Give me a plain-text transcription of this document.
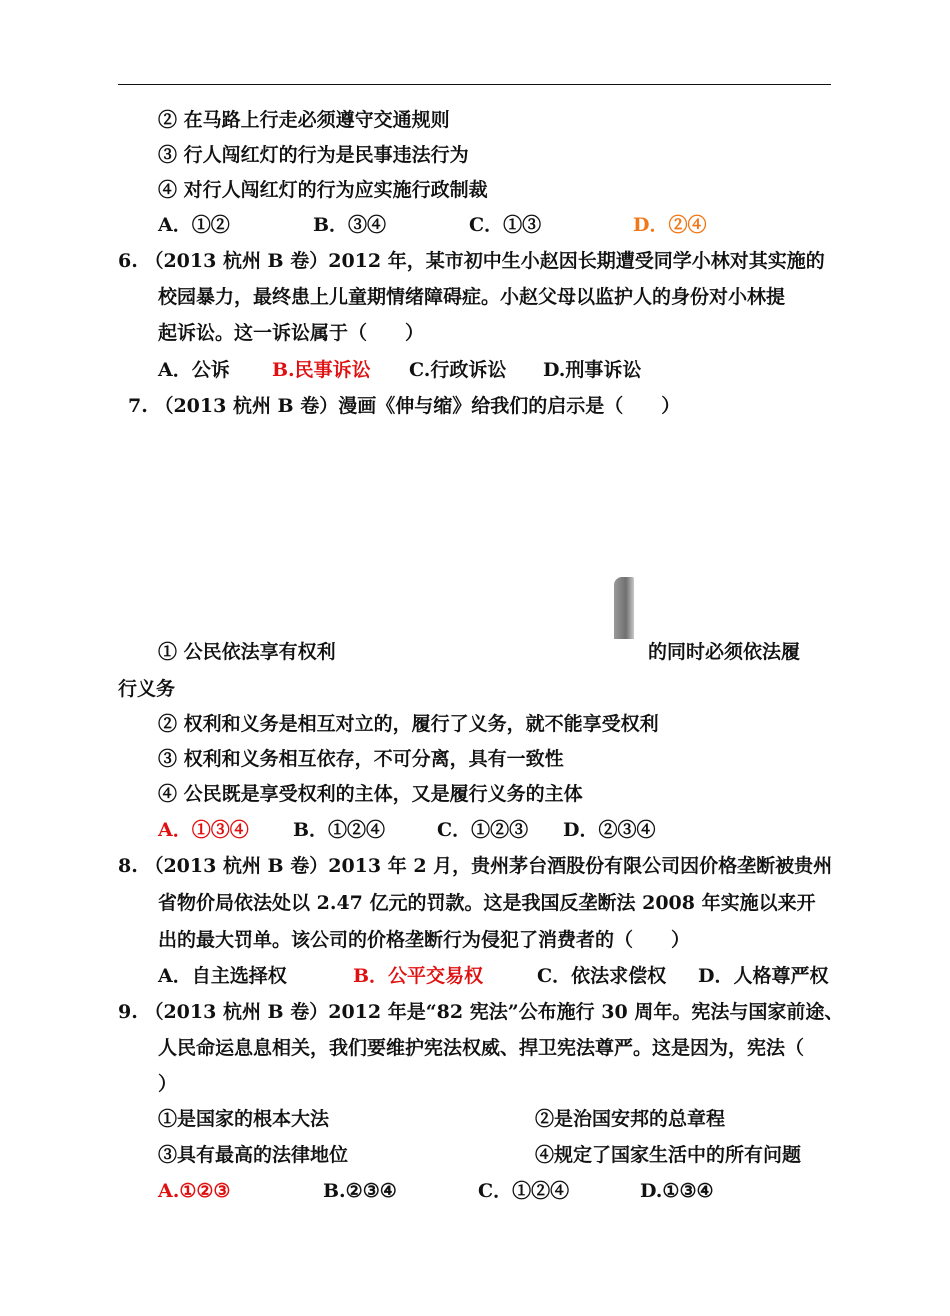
② 在马路上行走必须遵守交通规则
③ 行人闯红灯的行为是民事违法行为
④ 对行人闯红灯的行为应实施行政制裁
A．①②	B．③④	C．①③	D．②④
6. （2013 杭州 B 卷）2012 年，某市初中生小赵因长期遭受同学小林对其实施的
校园暴力，最终患上儿童期情绪障碍症。小赵父母以监护人的身份对小林提
起诉讼。这一诉讼属于（　　）
A．公诉 B.民事诉讼 C.行政诉讼 D.刑事诉讼
7. （2013 杭州 B 卷）漫画《伸与缩》给我们的启示是（　　）
① 公民依法享有权利	的同时必须依法履
行义务
② 权利和义务是相互对立的，履行了义务，就不能享受权利
③ 权利和义务相互依存，不可分离，具有一致性
④ 公民既是享受权利的主体，又是履行义务的主体
A．①③④ B．①②④	C．①②③ D．②③④
8. （2013 杭州 B 卷）2013 年 2 月，贵州茅台酒股份有限公司因价格垄断被贵州
省物价局依法处以 2.47 亿元的罚款。这是我国反垄断法 2008 年实施以来开
出的最大罚单。该公司的价格垄断行为侵犯了消费者的（　　）
A．自主选择权	B．公平交易权	C．依法求偿权 D．人格尊严权
9. （2013 杭州 B 卷）2012 年是“82 宪法”公布施行 30 周年。宪法与国家前途、
人民命运息息相关，我们要维护宪法权威、捍卫宪法尊严。这是因为，宪法（
）
①是国家的根本大法	②是治国安邦的总章程
③具有最高的法律地位	④规定了国家生活中的所有问题
A.①②③	B.②③④	C．①②④	D.①③④
